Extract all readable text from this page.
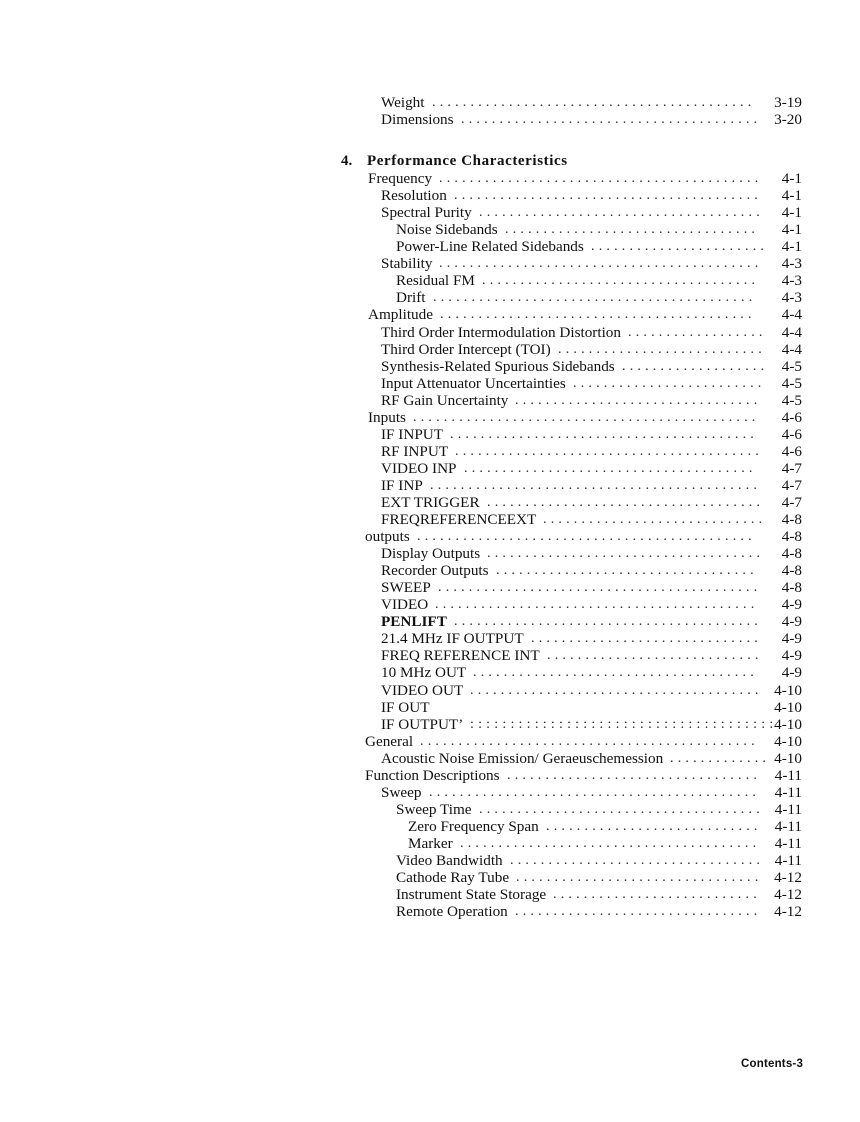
Weight .......................................... 3-19
Dimensions ....................................... 3-20
4. Performance Characteristics
Frequency .......................................... 4-1
Resolution ........................................ 4-1
Spectral Purity ..................................... 4-1
Noise Sidebands ................................. 4-1
Power-Line Related Sidebands ....................... 4-1
Stability .......................................... 4-3
Residual FM .................................... 4-3
Drift .......................................... 4-3
Amplitude ......................................... 4-4
Third Order Intermodulation Distortion .................. 4-4
Third Order Intercept (TOI) ........................... 4-4
Synthesis-Related Spurious Sidebands ................... 4-5
Input Attenuator Uncertainties ......................... 4-5
RF Gain Uncertainty ................................ 4-5
Inputs ............................................. 4-6
IF INPUT ........................................ 4-6
RF INPUT ........................................ 4-6
VIDEO INP ...................................... 4-7
IF INP ........................................... 4-7
EXT TRIGGER .................................... 4-7
FREQREFERENCEEXT ............................. 4-8
outputs ............................................ 4-8
Display Outputs .................................... 4-8
Recorder Outputs .................................. 4-8
SWEEP .......................................... 4-8
VIDEO .......................................... 4-9
PENLIFT ........................................ 4-9
21.4 MHz IF OUTPUT .............................. 4-9
FREQ REFERENCE INT ............................ 4-9
10 MHz OUT ..................................... 4-9
VIDEO OUT ...................................... 4-10
IF OUT	4-10
IF OUTPUT’ ::::::::::::::::::::::::::::::::::::::
4-10
General ............................................ 4-10
Acoustic Noise Emission/ Geraeuschemession ............. 4-10
Function Descriptions ................................. 4-11
Sweep ........................................... 4-11
Sweep Time ..................................... 4-11
Zero Frequency Span ............................ 4-11
Marker ....................................... 4-11
Video Bandwidth ................................. 4-11
Cathode Ray Tube ................................ 4-12
Instrument State Storage ........................... 4-12
Remote Operation ................................ 4-12
Contents-3
